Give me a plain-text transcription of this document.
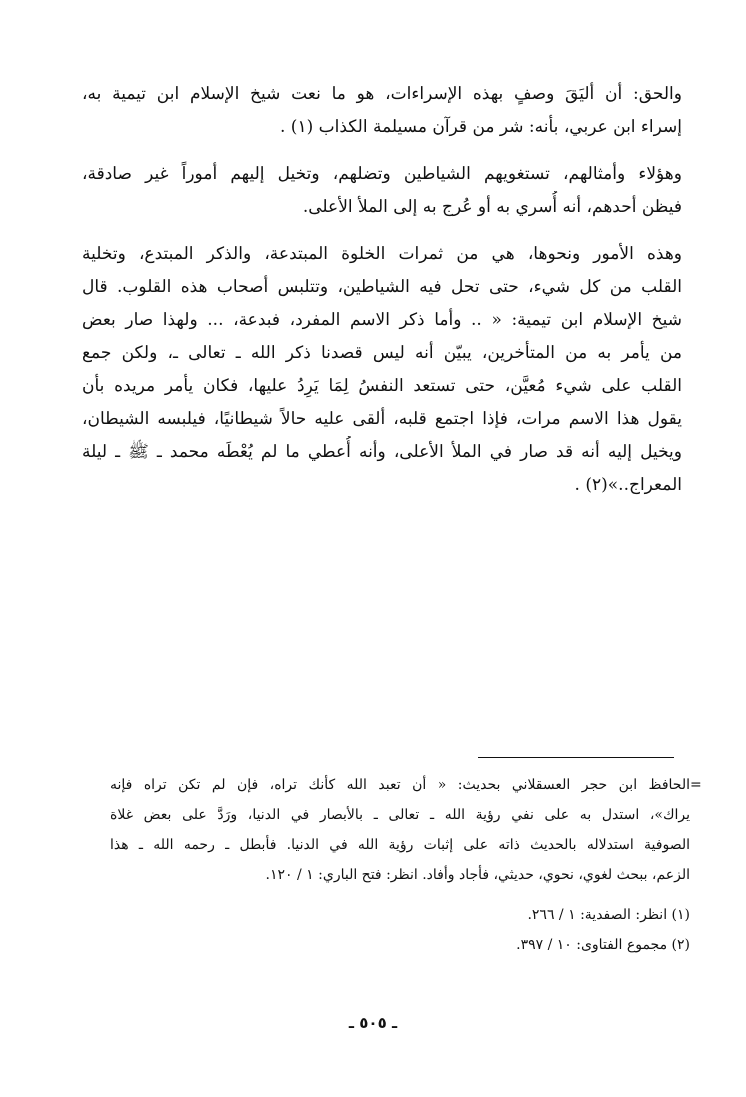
والحق: أن أليَقَ وصفٍ بهذه الإسراءات، هو ما نعت شيخ الإسلام ابن تيمية به،
إسراء ابن عربي، بأنه: شر من قرآن مسيلمة الكذاب (١) .
وهؤلاء وأمثالهم، تستغويهم الشياطين وتضلهم، وتخيل إليهم أموراً غير صادقة،
فيظن أحدهم، أنه أُسري به أو عُرج به إلى الملأ الأعلى.
وهذه الأمور ونحوها، هي من ثمرات الخلوة المبتدعة، والذكر المبتدع، وتخلية
القلب من كل شيء، حتى تحل فيه الشياطين، وتتلبس أصحاب هذه القلوب. قال
شيخ الإسلام ابن تيمية: « .. وأما ذكر الاسم المفرد، فبدعة، ... ولهذا صار بعض
من يأمر به من المتأخرين، يبيّن أنه ليس قصدنا ذكر الله ـ تعالى ـ، ولكن جمع
القلب على شيء مُعيَّن، حتى تستعد النفسُ لِمَا يَرِدُ عليها، فكان يأمر مريده بأن
يقول هذا الاسم مرات، فإذا اجتمع قلبه، ألقى عليه حالاً شيطانيًا، فيلبسه الشيطان،
ويخيل إليه أنه قد صار في الملأ الأعلى، وأنه أُعطي ما لم يُعْطَه محمد ـ ﷺ ـ ليلة
المعراج..»(٢) .
=
الحافظ ابن حجر العسقلاني بحديث: « أن تعبد الله كأنك تراه، فإن لم تكن تراه فإنه
يراك»، استدل به على نفي رؤية الله ـ تعالى ـ بالأبصار في الدنيا، ورَدَّ على بعض غلاة
الصوفية استدلاله بالحديث ذاته على إثبات رؤية الله في الدنيا. فأبطل ـ رحمه الله ـ هذا
الزعم، ببحث لغوي، نحوي، حديثي، فأجاد وأفاد. انظر: فتح الباري: ١ / ١٢٠.
(١) انظر: الصفدية: ١ / ٢٦٦.
(٢) مجموع الفتاوى: ١٠ / ٣٩٧.
ـ ٥٠٥ ـ
